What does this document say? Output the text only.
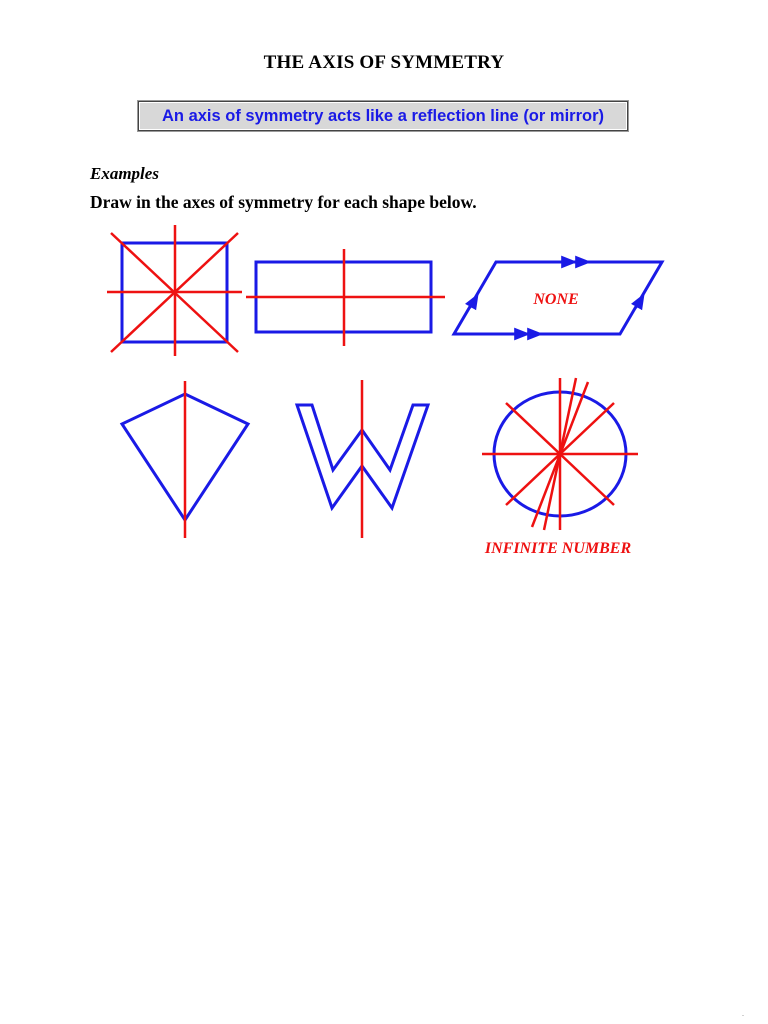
THE AXIS OF SYMMETRY
An axis of symmetry acts like a reflection line (or mirror)
Examples
Draw in the axes of symmetry for each shape below.
NONE
INFINITE NUMBER
.
